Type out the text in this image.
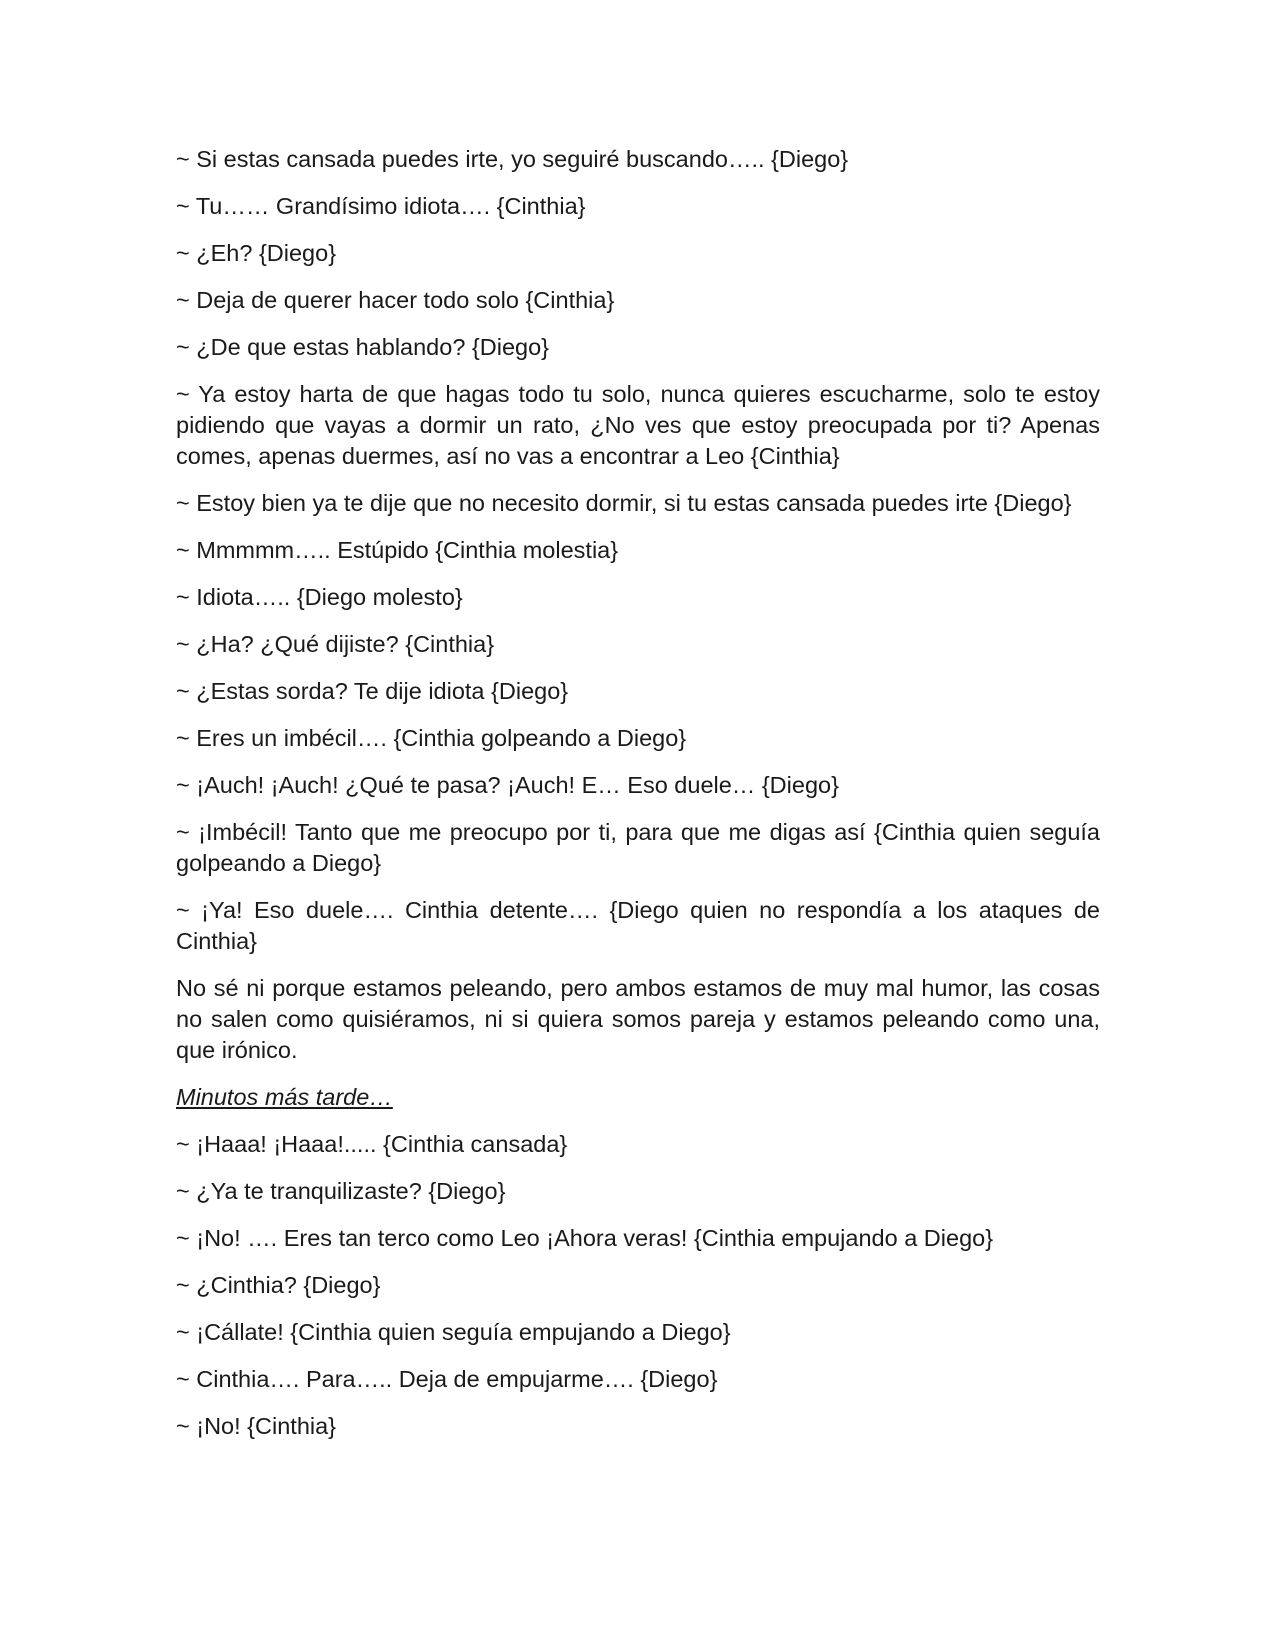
~ Si estas cansada puedes irte, yo seguiré buscando….. {Diego}

~ Tu…… Grandísimo idiota…. {Cinthia}

~ ¿Eh? {Diego}

~ Deja de querer hacer todo solo {Cinthia}

~ ¿De que estas hablando? {Diego}

~ Ya estoy harta de que hagas todo tu solo, nunca quieres escucharme, solo te estoy pidiendo que vayas a dormir un rato, ¿No ves que estoy preocupada por ti? Apenas comes, apenas duermes, así no vas a encontrar a Leo {Cinthia}

~ Estoy bien ya te dije que no necesito dormir, si tu estas cansada puedes irte {Diego}

~ Mmmmm….. Estúpido {Cinthia molestia}

~ Idiota….. {Diego molesto}

~ ¿Ha? ¿Qué dijiste? {Cinthia}

~ ¿Estas sorda? Te dije idiota {Diego}

~ Eres un imbécil…. {Cinthia golpeando a Diego}

~ ¡Auch! ¡Auch! ¿Qué te pasa? ¡Auch! E… Eso duele… {Diego}

~ ¡Imbécil! Tanto que me preocupo por ti, para que me digas así {Cinthia quien seguía golpeando a Diego}

~ ¡Ya! Eso duele…. Cinthia detente…. {Diego quien no respondía a los ataques de Cinthia}

No sé ni porque estamos peleando, pero ambos estamos de muy mal humor, las cosas no salen como quisiéramos, ni si quiera somos pareja y estamos peleando como una, que irónico.

Minutos más tarde…

~ ¡Haaa! ¡Haaa!..... {Cinthia cansada}

~ ¿Ya te tranquilizaste? {Diego}

~ ¡No! …. Eres tan terco como Leo ¡Ahora veras! {Cinthia empujando a Diego}

~ ¿Cinthia? {Diego}

~ ¡Cállate! {Cinthia quien seguía empujando a Diego}

~ Cinthia…. Para….. Deja de empujarme…. {Diego}

~ ¡No! {Cinthia}
